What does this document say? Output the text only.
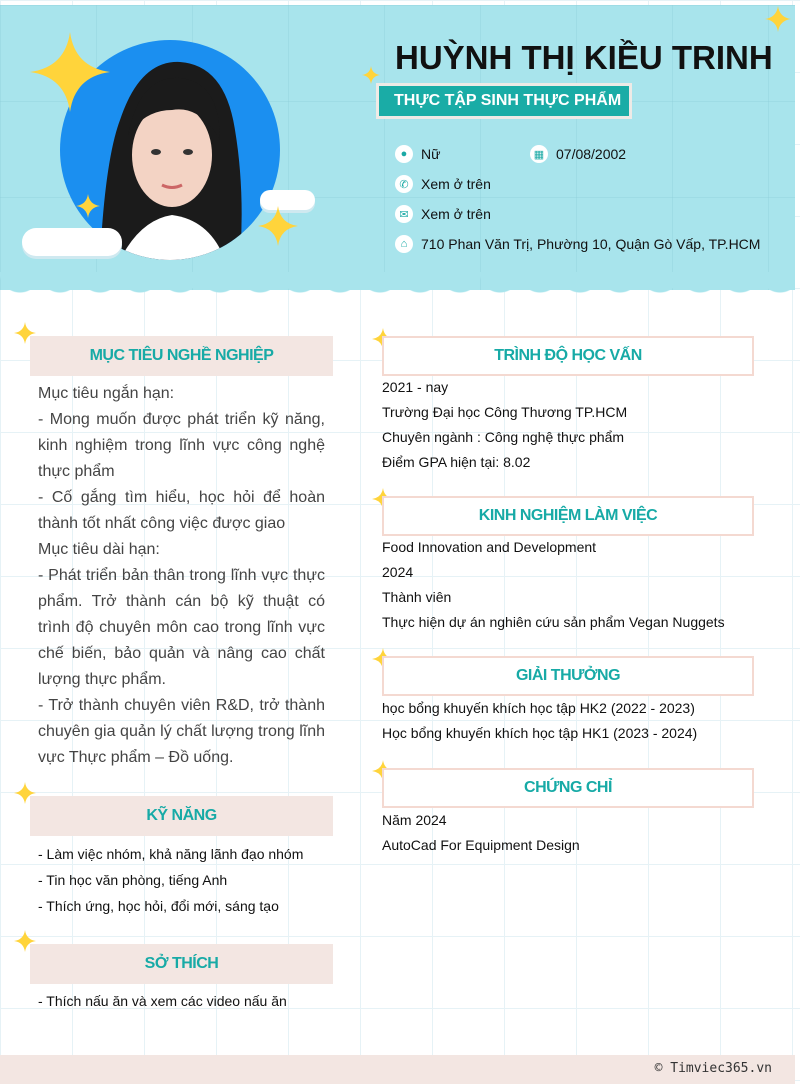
HUỲNH THỊ KIỀU TRINH
THỰC TẬP SINH THỰC PHẨM
● Nữ	▦ 07/08/2002
✆ Xem ở trên
✉ Xem ở trên
⌂ 710 Phan Văn Trị, Phường 10, Quận Gò Vấp, TP.HCM
MỤC TIÊU NGHỀ NGHIỆP
Mục tiêu ngắn hạn:
- Mong muốn được phát triển kỹ năng, kinh nghiệm trong lĩnh vực công nghệ thực phẩm
- Cố gắng tìm hiểu, học hỏi để hoàn thành tốt nhất công việc được giao
Mục tiêu dài hạn:
- Phát triển bản thân trong lĩnh vực thực phẩm. Trở thành cán bộ kỹ thuật có trình độ chuyên môn cao trong lĩnh vực chế biến, bảo quản và nâng cao chất lượng thực phẩm.
- Trở thành chuyên viên R&D, trở thành chuyên gia quản lý chất lượng trong lĩnh vực Thực phẩm – Đồ uống.
KỸ NĂNG
- Làm việc nhóm, khả năng lãnh đạo nhóm
- Tin học văn phòng, tiếng Anh
- Thích ứng, học hỏi, đổi mới, sáng tạo
SỞ THÍCH
- Thích nấu ăn và xem các video nấu ăn
TRÌNH ĐỘ HỌC VẤN
2021 - nay
Trường Đại học Công Thương TP.HCM
Chuyên ngành : Công nghệ thực phẩm
Điểm GPA hiện tại: 8.02
KINH NGHIỆM LÀM VIỆC
Food Innovation and Development
2024
Thành viên
Thực hiện dự án nghiên cứu sản phẩm Vegan Nuggets
GIẢI THƯỞNG
học bổng khuyến khích học tập HK2 (2022 - 2023)
Học bổng khuyến khích học tập HK1 (2023 - 2024)
CHỨNG CHỈ
Năm 2024
AutoCad For Equipment Design
© Timviec365.vn
